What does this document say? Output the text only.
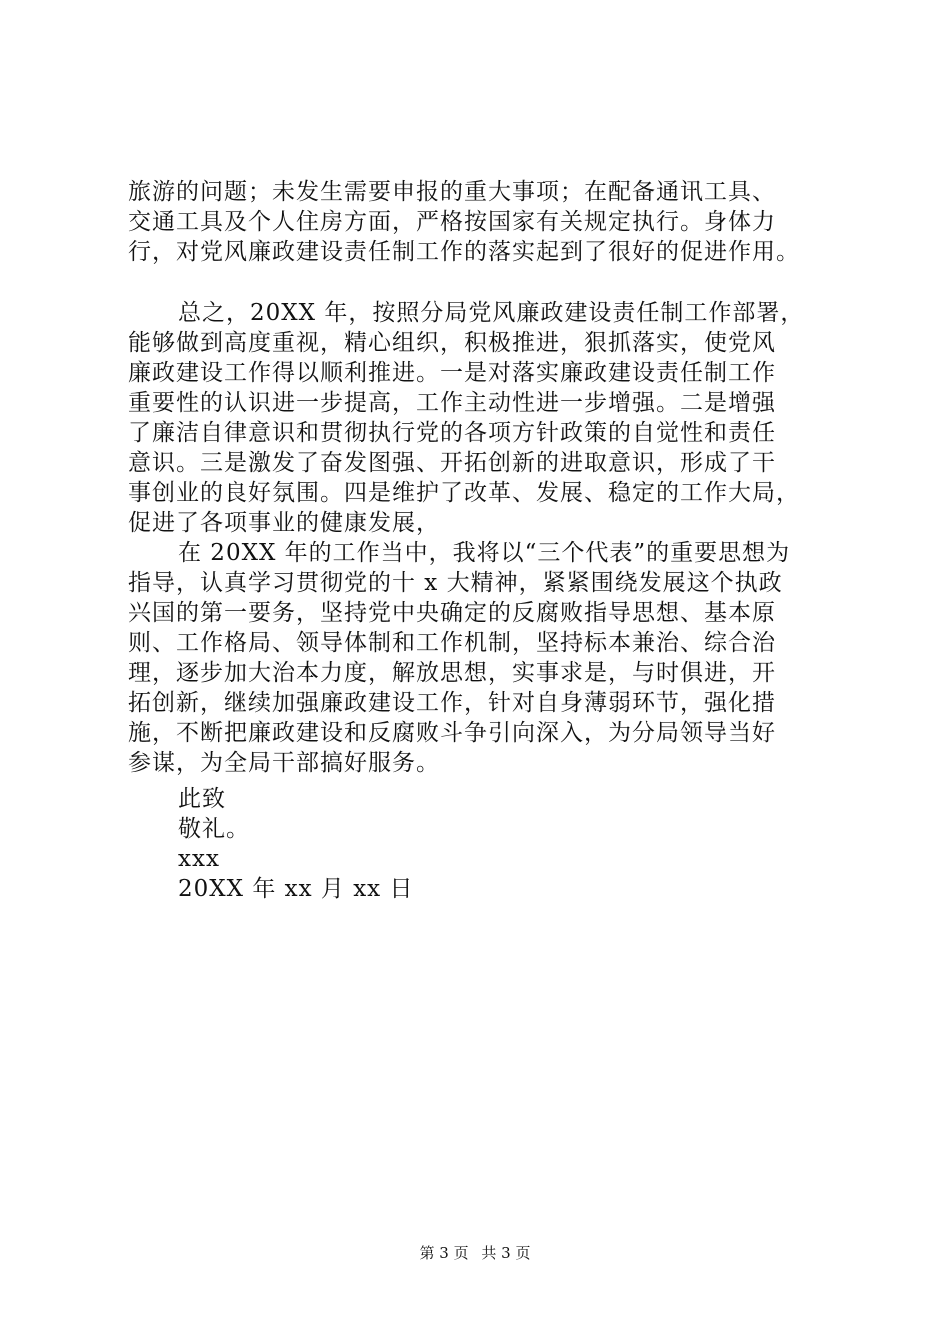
旅游的问题；未发生需要申报的重大事项；在配备通讯工具、
交通工具及个人住房方面，严格按国家有关规定执行。身体力
行，对党风廉政建设责任制工作的落实起到了很好的促进作用。
总之，20XX 年，按照分局党风廉政建设责任制工作部署，
能够做到高度重视，精心组织，积极推进，狠抓落实，使党风
廉政建设工作得以顺利推进。一是对落实廉政建设责任制工作
重要性的认识进一步提高，工作主动性进一步增强。二是增强
了廉洁自律意识和贯彻执行党的各项方针政策的自觉性和责任
意识。三是激发了奋发图强、开拓创新的进取意识，形成了干
事创业的良好氛围。四是维护了改革、发展、稳定的工作大局，
促进了各项事业的健康发展，
在 20XX 年的工作当中，我将以“三个代表”的重要思想为
指导，认真学习贯彻党的十 x 大精神，紧紧围绕发展这个执政
兴国的第一要务，坚持党中央确定的反腐败指导思想、基本原
则、工作格局、领导体制和工作机制，坚持标本兼治、综合治
理，逐步加大治本力度，解放思想，实事求是，与时俱进，开
拓创新，继续加强廉政建设工作，针对自身薄弱环节，强化措
施，不断把廉政建设和反腐败斗争引向深入，为分局领导当好
参谋，为全局干部搞好服务。
此致
敬礼。
xxx
20XX 年 xx 月 xx 日
第 3 页 共 3 页
